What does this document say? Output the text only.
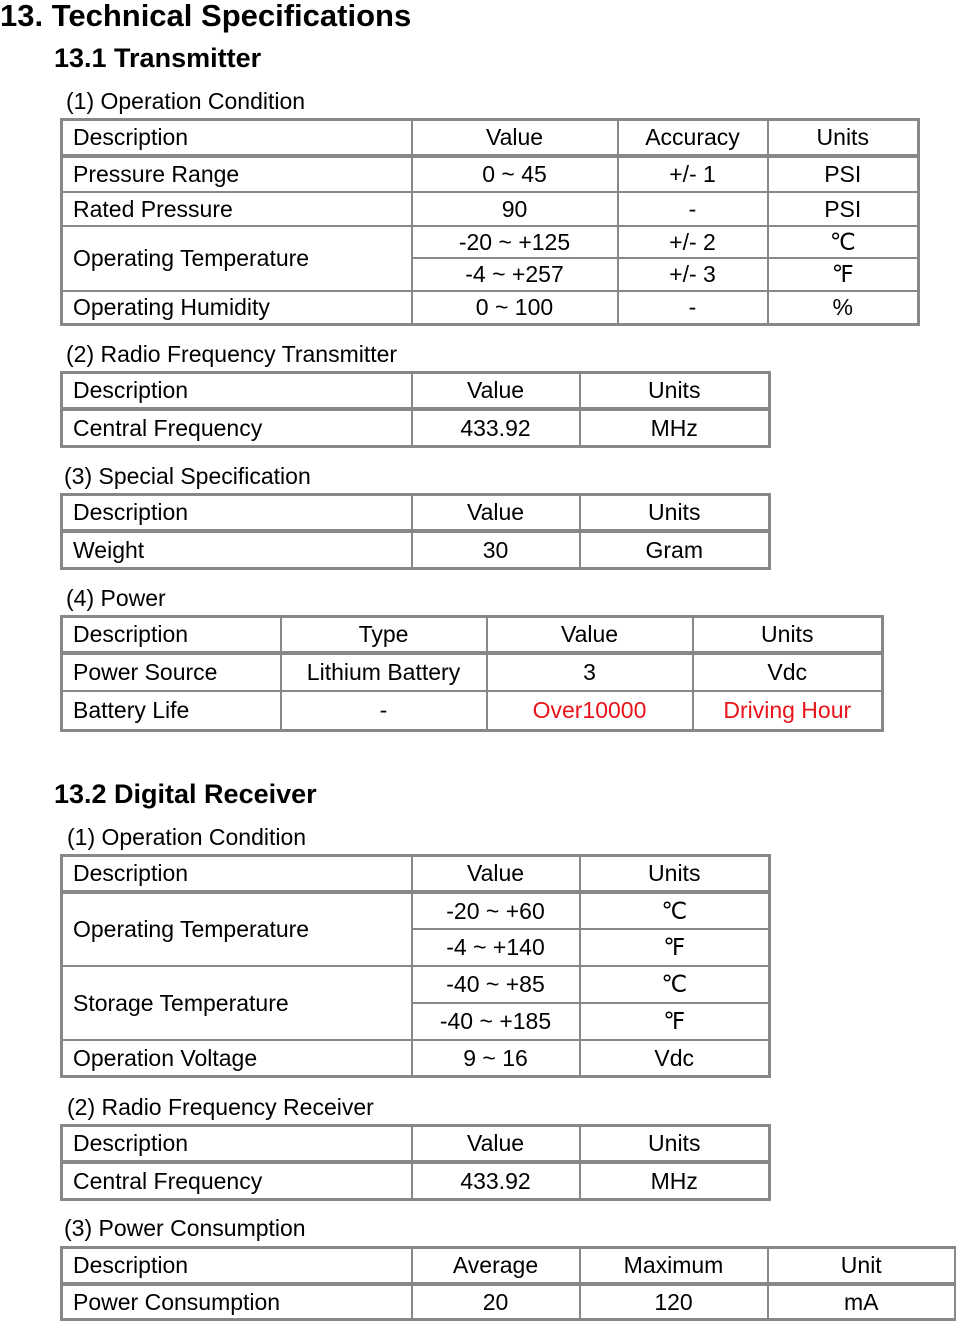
13. Technical Specifications
13.1 Transmitter
(1) Operation Condition
Description	Value	Accuracy	Units
Pressure Range	0 ~ 45	+/- 1	PSI
Rated Pressure	90	-	PSI
Operating Temperature	-20 ~ +125	+/- 2	℃
	-4 ~ +257	+/- 3	℉
Operating Humidity	0 ~ 100	-	%
(2) Radio Frequency Transmitter
Description	Value	Units
Central Frequency	433.92	MHz
(3) Special Specification
Description	Value	Units
Weight	30	Gram
(4) Power
Description	Type	Value	Units
Power Source	Lithium Battery	3	Vdc
Battery Life	-	Over10000	Driving Hour
13.2 Digital Receiver
(1) Operation Condition
Description	Value	Units
Operating Temperature	-20 ~ +60	℃
	-4 ~ +140	℉
Storage Temperature	-40 ~ +85	℃
	-40 ~ +185	℉
Operation Voltage	9 ~ 16	Vdc
(2) Radio Frequency Receiver
Description	Value	Units
Central Frequency	433.92	MHz
(3) Power Consumption
Description	Average	Maximum	Unit
Power Consumption	20	120	mA
